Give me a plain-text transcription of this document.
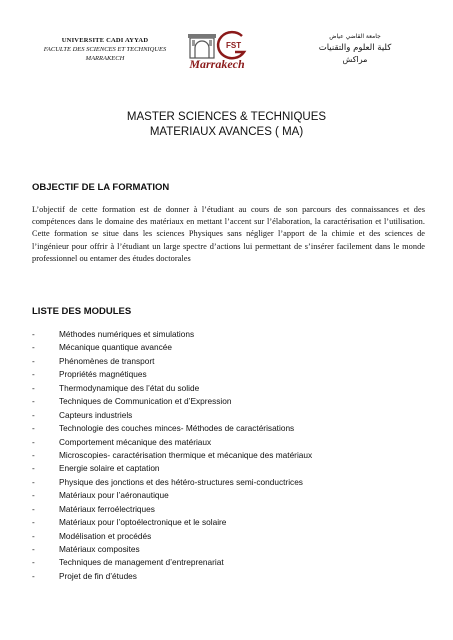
UNIVERSITE CADI AYYAD
FACULTE DES SCIENCES ET TECHNIQUES
MARRAKECH
FST
Marrakech
جامعة القاضي عياض
كلية العلوم والتقنيات
مراكش
MASTER SCIENCES & TECHNIQUES
MATERIAUX AVANCES ( MA)
OBJECTIF DE LA FORMATION
L’objectif de cette formation est de donner à l’étudiant au cours de son parcours des connaissances et des compétences dans le domaine des matériaux en mettant l’accent sur l’élaboration, la caractérisation et l’utilisation. Cette formation se situe dans les sciences Physiques sans négliger l’apport de la chimie et des sciences de l’ingénieur pour offrir à l’étudiant un large spectre d’actions lui permettant de s’insérer facilement dans le monde professionnel ou entamer des études doctorales
LISTE DES MODULES
-	Méthodes numériques et simulations
-	Mécanique quantique avancée
-	Phénomènes de transport
-	Propriétés magnétiques
-	Thermodynamique des l’état du solide
-	Techniques de Communication et d’Expression
-	Capteurs industriels
-	Technologie des couches minces- Méthodes de caractérisations
-	Comportement mécanique des matériaux
-	Microscopies- caractérisation thermique et mécanique des matériaux
-	Energie solaire et captation
-	Physique des jonctions et des hétéro-structures semi-conductrices
-	Matériaux pour l’aéronautique
-	Matériaux ferroélectriques
-	Matériaux pour l’optoélectronique et le solaire
-	Modélisation et procédés
-	Matériaux composites
-	Techniques de management d’entreprenariat
-	Projet de fin d’études
